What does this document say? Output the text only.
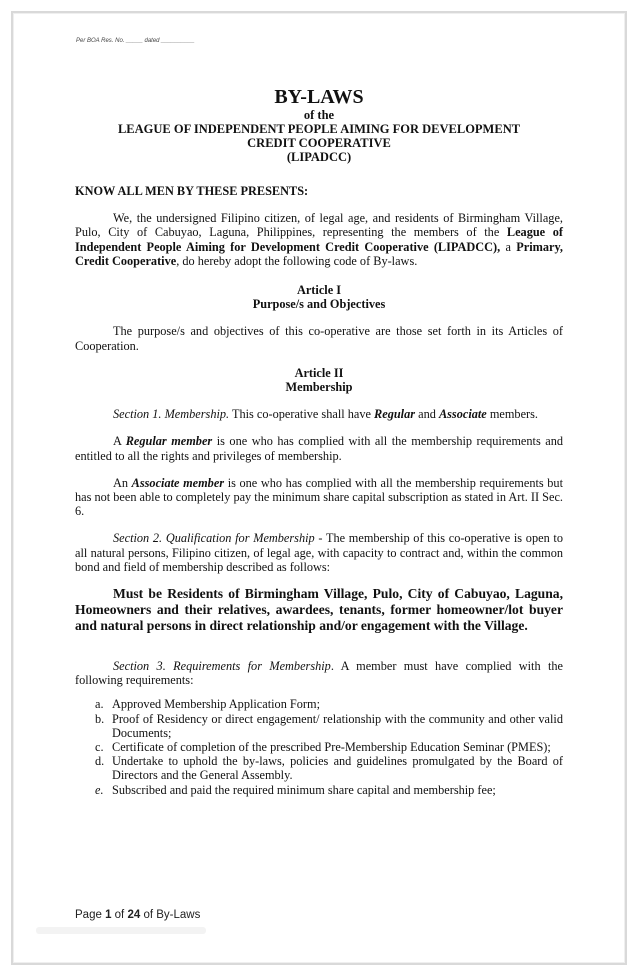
Per BOA Res. No. _____ dated __________
BY-LAWS
of the
LEAGUE OF INDEPENDENT PEOPLE AIMING FOR DEVELOPMENT
CREDIT COOPERATIVE
(LIPADCC)
KNOW ALL MEN BY THESE PRESENTS:

We, the undersigned Filipino citizen, of legal age, and residents of Birmingham Village, Pulo, City of Cabuyao, Laguna, Philippines, representing the members of the League of Independent People Aiming for Development Credit Cooperative (LIPADCC), a Primary, Credit Cooperative, do hereby adopt the following code of By-laws.

Article I
Purpose/s and Objectives

The purpose/s and objectives of this co-operative are those set forth in its Articles of Cooperation.

Article II
Membership

Section 1. Membership. This co-operative shall have Regular and Associate members.

A Regular member is one who has complied with all the membership requirements and entitled to all the rights and privileges of membership.

An Associate member is one who has complied with all the membership requirements but has not been able to completely pay the minimum share capital subscription as stated in Art. II Sec. 6.

Section 2. Qualification for Membership - The membership of this co-operative is open to all natural persons, Filipino citizen, of legal age, with capacity to contract and, within the common bond and field of membership described as follows:

Must be Residents of Birmingham Village, Pulo, City of Cabuyao, Laguna, Homeowners and their relatives, awardees, tenants, former homeowner/lot buyer and natural persons in direct relationship and/or engagement with the Village.

Section 3. Requirements for Membership. A member must have complied with the following requirements:

a. Approved Membership Application Form;
b. Proof of Residency or direct engagement/ relationship with the community and other valid Documents;
c. Certificate of completion of the prescribed Pre-Membership Education Seminar (PMES);
d. Undertake to uphold the by-laws, policies and guidelines promulgated by the Board of Directors and the General Assembly.
e. Subscribed and paid the required minimum share capital and membership fee;
Page 1 of 24 of By-Laws
